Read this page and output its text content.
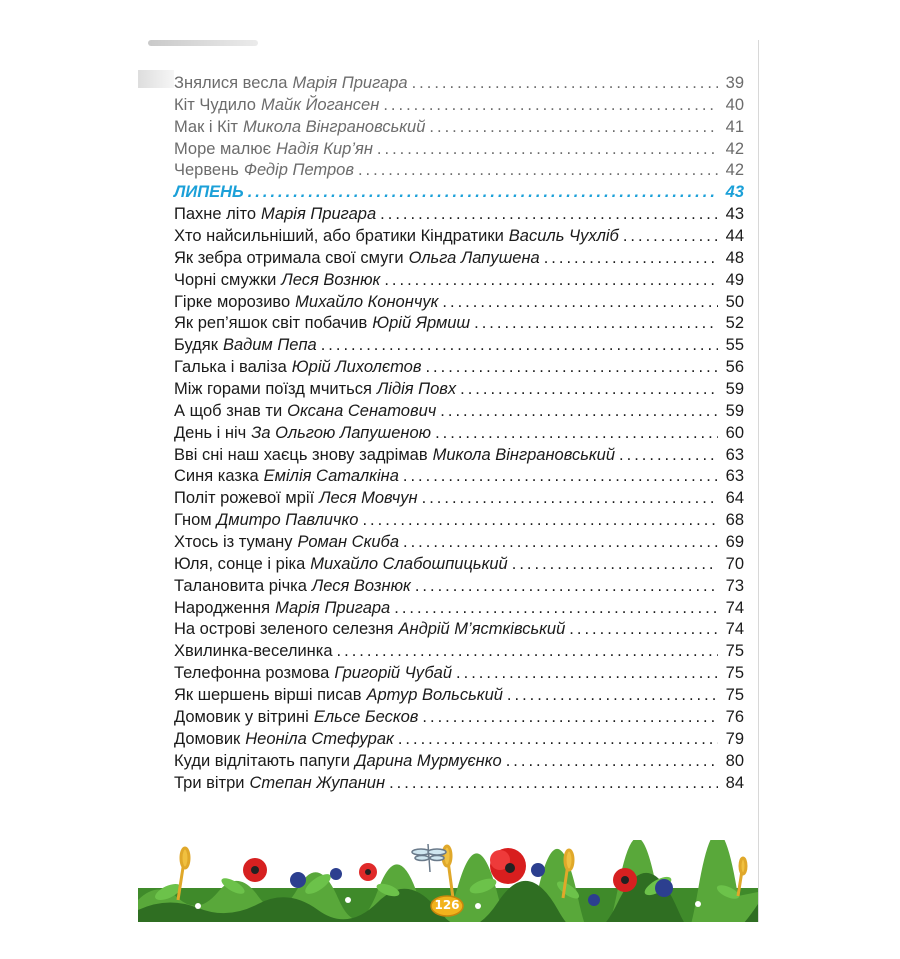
Знялися весла Марія Пригара .....	39
Кіт Чудило Майк Йогансен .....	40
Мак і Кіт Микола Вінграновський .....	41
Море малює Надія Кир’ян .....	42
Червень Федір Петров .....	42
ЛИПЕНЬ .....	43
Пахне літо Марія Пригара .....	43
Хто найсильніший, або братики Кіндратики Василь Чухліб .....	44
Як зебра отримала свої смуги Ольга Лапушена .....	48
Чорні смужки Леся Вознюк .....	49
Гірке морозиво Михайло Конончук .....	50
Як реп’яшок світ побачив Юрій Ярмиш .....	52
Будяк Вадим Пепа .....	55
Галька і валіза Юрій Лихолєтов .....	56
Між горами поїзд мчиться Лідія Повх .....	59
А щоб знав ти Оксана Сенатович .....	59
День і ніч За Ольгою Лапушеною .....	60
Вві сні наш хаєць знову задрімав Микола Вінграновський .....	63
Синя казка Емілія Саталкіна .....	63
Політ рожевої мрії Леся Мовчун .....	64
Гном Дмитро Павличко .....	68
Хтось із туману Роман Скиба .....	69
Юля, сонце і ріка Михайло Слабошпицький .....	70
Талановита річка Леся Вознюк .....	73
Народження Марія Пригара .....	74
На острові зеленого селезня Андрій М’ястківський .....	74
Хвилинка-веселинка .....	75
Телефонна розмова Григорій Чубай .....	75
Як шершень вірші писав Артур Вольський .....	75
Домовик у вітрині Ельсе Бесков .....	76
Домовик Неоніла Стефурак .....	79
Куди відлітають папуги Дарина Мурмуєнко .....	80
Три вітри Степан Жупанин .....	84
126
